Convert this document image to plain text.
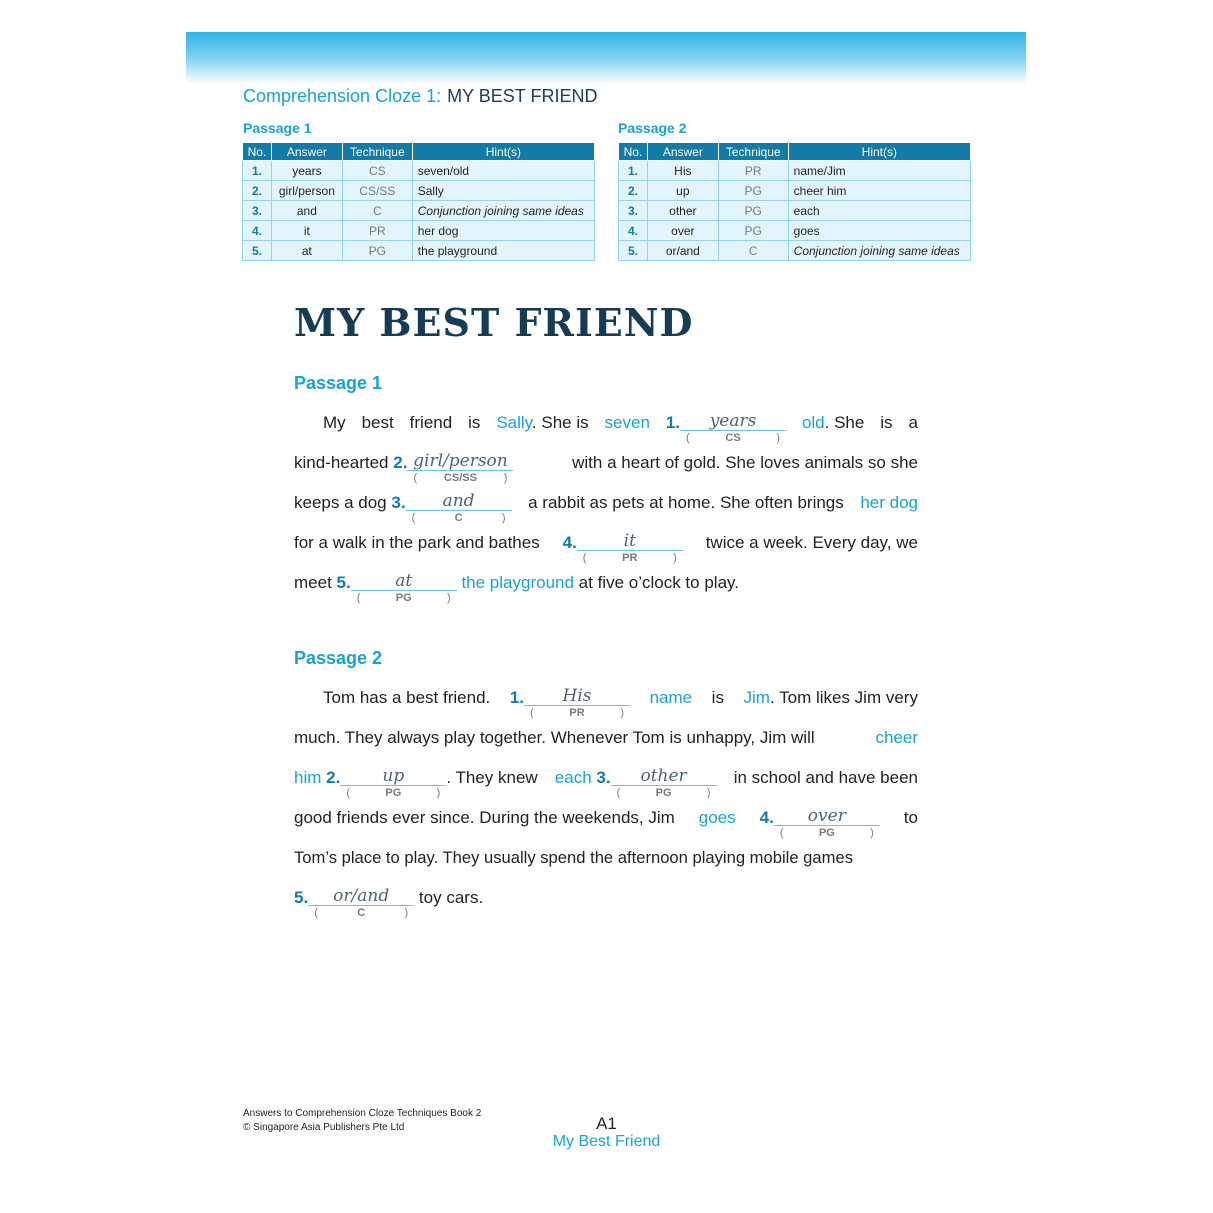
Comprehension Cloze 1: MY BEST FRIEND
Passage 1
No.	Answer	Technique	Hint(s)
1.	years	CS	seven/old
2.	girl/person	CS/SS	Sally
3.	and	C	Conjunction joining same ideas
4.	it	PR	her dog
5.	at	PG	the playground
Passage 2
No.	Answer	Technique	Hint(s)
1.	His	PR	name/Jim
2.	up	PG	cheer him
3.	other	PG	each
4.	over	PG	goes
5.	or/and	C	Conjunction joining same ideas
MY BEST FRIEND
Passage 1
My best friend is Sally. She is seven 1.	years
(	CS	)
old. She is a
kind-hearted 2. girl/person
(	CS/SS	)
with a heart of gold. She loves animals so she
keeps a dog 3.	and
(	C	)
a rabbit as pets at home. She often brings her dog
for a walk in the park and bathes 4.	it
(	PR	)
twice a week. Every day, we
meet 5.	at
(	PG	)
the playground at five o’clock to play.
Passage 2
Tom has a best friend. 1.	His
(	PR	)
name is Jim. Tom likes Jim very
much. They always play together. Whenever Tom is unhappy, Jim will	cheer
him 2.	up
(	PG	)
. They knew each 3.	other
(	PG	)
in school and have been
good friends ever since. During the weekends, Jim goes 4.	over
(	PG	)
to
Tom’s place to play. They usually spend the afternoon playing mobile games
5.	or/and
(	C	)
toy cars.
Answers to Comprehension Cloze Techniques Book 2
© Singapore Asia Publishers Pte Ltd	A1
My Best Friend
